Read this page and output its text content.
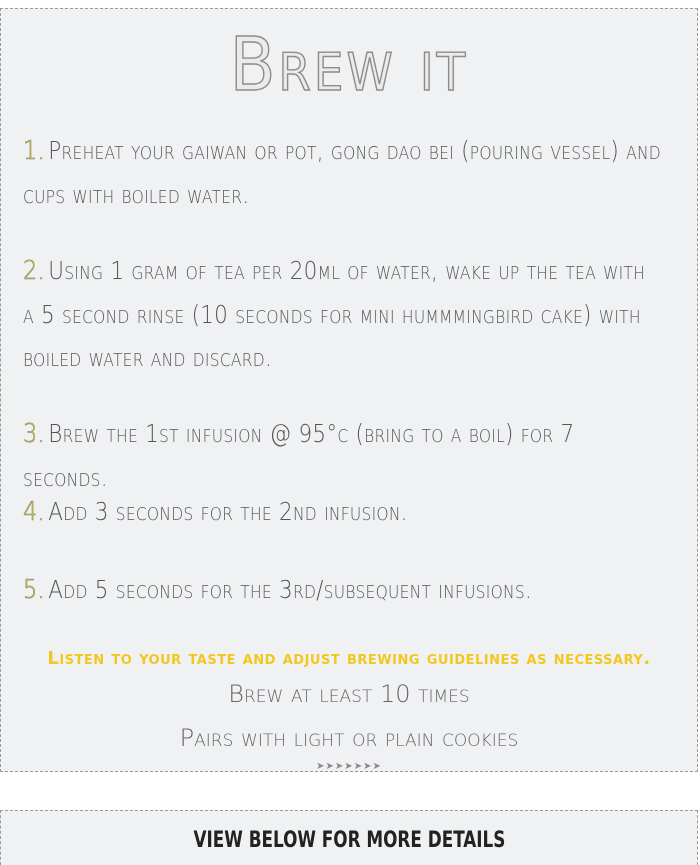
Brew it
1. Preheat your gaiwan or pot, gong dao bei (pouring vessel) and cups with boiled water.
2. Using 1 gram of tea per 20ml of water, wake up the tea with a 5 second rinse (10 seconds for mini hummmingbird cake) with boiled water and discard.
3. Brew the 1st infusion @ 95°c (bring to a boil) for 7 seconds.
4. Add 3 seconds for the 2nd infusion.
5. Add 5 seconds for the 3rd/subsequent infusions.
Listen to your taste and adjust brewing guidelines as necessary.
Brew at least 10 times
Pairs with light or plain cookies
➤➤➤➤➤➤➤
VIEW BELOW FOR MORE DETAILS
